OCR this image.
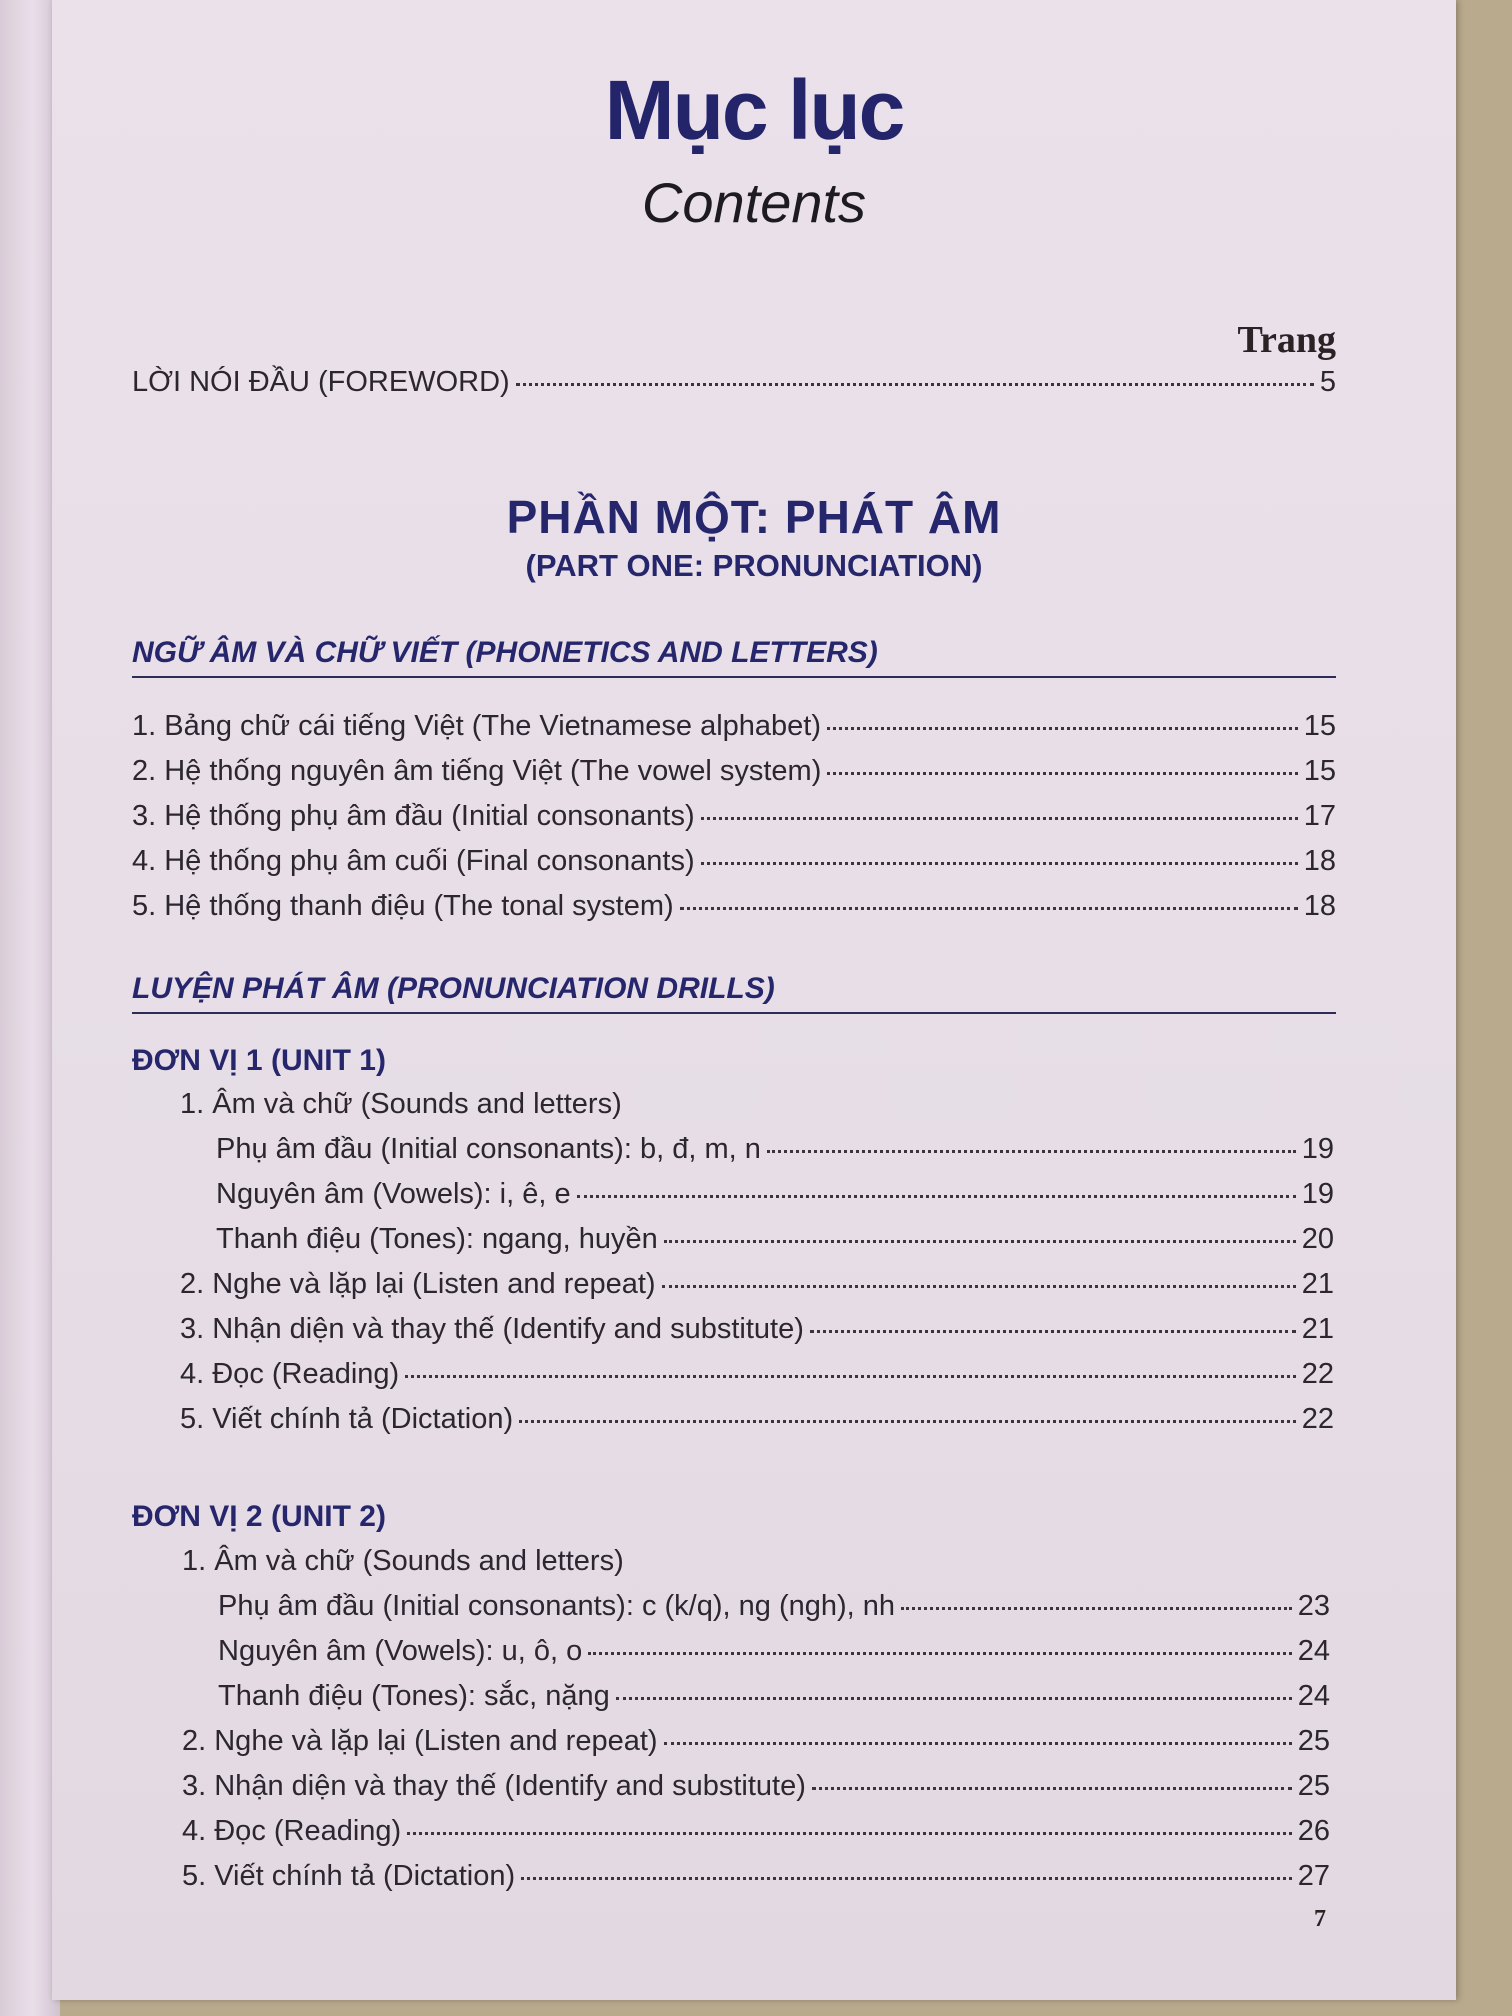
Mục lục
Contents
Trang
LỜI NÓI ĐẦU (FOREWORD)	5
PHẦN MỘT: PHÁT ÂM
(PART ONE: PRONUNCIATION)
NGỮ ÂM VÀ CHỮ VIẾT (PHONETICS AND LETTERS)
1. Bảng chữ cái tiếng Việt (The Vietnamese alphabet)	15
2. Hệ thống nguyên âm tiếng Việt (The vowel system)	15
3. Hệ thống phụ âm đầu (Initial consonants)	17
4. Hệ thống phụ âm cuối (Final consonants)	18
5. Hệ thống thanh điệu (The tonal system)	18
LUYỆN PHÁT ÂM (PRONUNCIATION DRILLS)
ĐƠN VỊ 1 (UNIT 1)
1. Âm và chữ (Sounds and letters)
Phụ âm đầu (Initial consonants): b, đ, m, n	19
Nguyên âm (Vowels): i, ê, e	19
Thanh điệu (Tones): ngang, huyền	20
2. Nghe và lặp lại (Listen and repeat)	21
3. Nhận diện và thay thế (Identify and substitute)	21
4. Đọc (Reading)	22
5. Viết chính tả (Dictation)	22
ĐƠN VỊ 2 (UNIT 2)
1. Âm và chữ (Sounds and letters)
Phụ âm đầu (Initial consonants): c (k/q), ng (ngh), nh	23
Nguyên âm (Vowels): u, ô, o	24
Thanh điệu (Tones): sắc, nặng	24
2. Nghe và lặp lại (Listen and repeat)	25
3. Nhận diện và thay thế (Identify and substitute)	25
4. Đọc (Reading)	26
5. Viết chính tả (Dictation)	27
7
